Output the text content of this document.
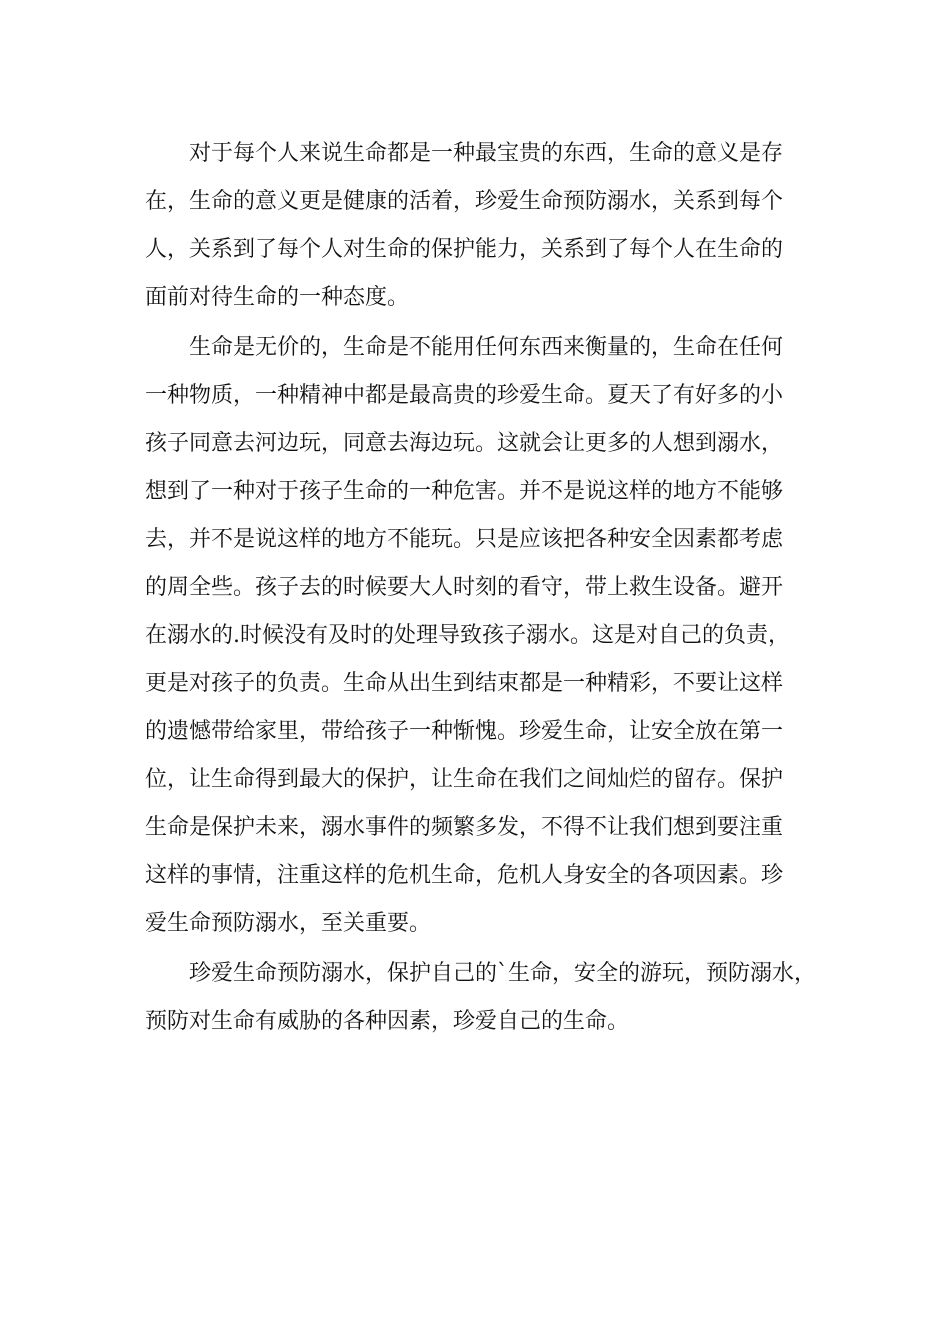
　　对于每个人来说生命都是一种最宝贵的东西，生命的意义是存
在，生命的意义更是健康的活着，珍爱生命预防溺水，关系到每个
人，关系到了每个人对生命的保护能力，关系到了每个人在生命的
面前对待生命的一种态度。
　　生命是无价的，生命是不能用任何东西来衡量的，生命在任何
一种物质，一种精神中都是最高贵的珍爱生命。夏天了有好多的小
孩子同意去河边玩，同意去海边玩。这就会让更多的人想到溺水，
想到了一种对于孩子生命的一种危害。并不是说这样的地方不能够
去，并不是说这样的地方不能玩。只是应该把各种安全因素都考虑
的周全些。孩子去的时候要大人时刻的看守，带上救生设备。避开
在溺水的.时候没有及时的处理导致孩子溺水。这是对自己的负责，
更是对孩子的负责。生命从出生到结束都是一种精彩，不要让这样
的遗憾带给家里，带给孩子一种惭愧。珍爱生命，让安全放在第一
位，让生命得到最大的保护，让生命在我们之间灿烂的留存。保护
生命是保护未来，溺水事件的频繁多发，不得不让我们想到要注重
这样的事情，注重这样的危机生命，危机人身安全的各项因素。珍
爱生命预防溺水，至关重要。
　　珍爱生命预防溺水，保护自己的`生命，安全的游玩，预防溺水，
预防对生命有威胁的各种因素，珍爱自己的生命。
